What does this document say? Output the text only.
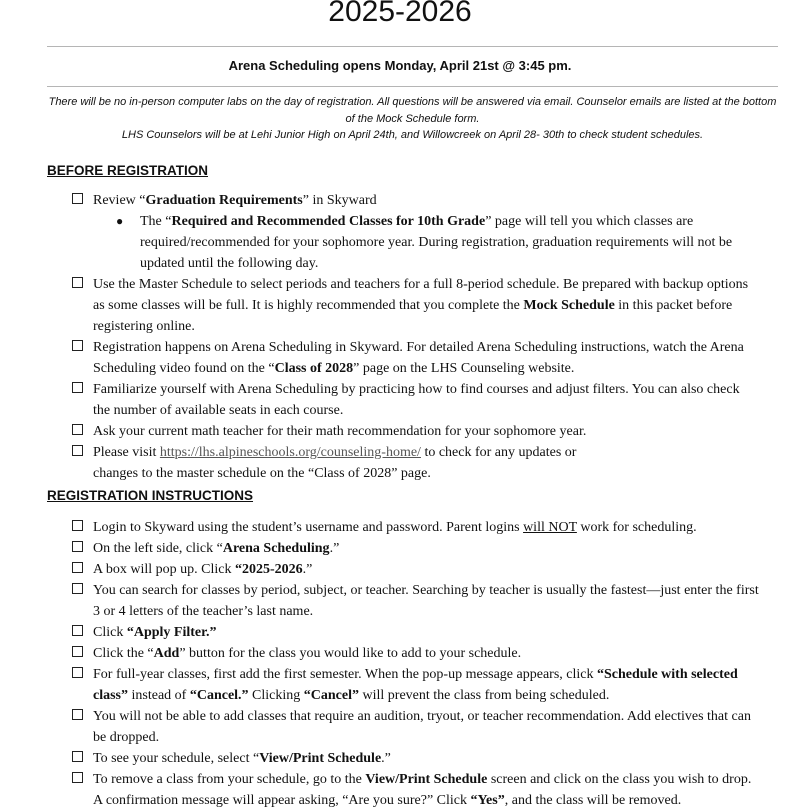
2025-2026
Arena Scheduling opens Monday, April 21st @ 3:45 pm.
There will be no in-person computer labs on the day of registration. All questions will be answered via email. Counselor emails are listed at the bottom of the Mock Schedule form.
LHS Counselors will be at Lehi Junior High on April 24th, and Willowcreek on April 28- 30th to check student schedules.
BEFORE REGISTRATION
Review “Graduation Requirements” in Skyward
● The “Required and Recommended Classes for 10th Grade” page will tell you which classes are required/recommended for your sophomore year. During registration, graduation requirements will not be updated until the following day.
Use the Master Schedule to select periods and teachers for a full 8-period schedule. Be prepared with backup options as some classes will be full. It is highly recommended that you complete the Mock Schedule in this packet before registering online.
Registration happens on Arena Scheduling in Skyward. For detailed Arena Scheduling instructions, watch the Arena Scheduling video found on the “Class of 2028” page on the LHS Counseling website.
Familiarize yourself with Arena Scheduling by practicing how to find courses and adjust filters. You can also check the number of available seats in each course.
Ask your current math teacher for their math recommendation for your sophomore year.
Please visit https://lhs.alpineschools.org/counseling-home/ to check for any updates or
changes to the master schedule on the “Class of 2028” page.
REGISTRATION INSTRUCTIONS
Login to Skyward using the student’s username and password. Parent logins will NOT work for scheduling.
On the left side, click “Arena Scheduling.”
A box will pop up. Click “2025-2026.”
You can search for classes by period, subject, or teacher. Searching by teacher is usually the fastest—just enter the first 3 or 4 letters of the teacher’s last name.
Click “Apply Filter.”
Click the “Add” button for the class you would like to add to your schedule.
For full-year classes, first add the first semester. When the pop-up message appears, click “Schedule with selected class” instead of “Cancel.” Clicking “Cancel” will prevent the class from being scheduled.
You will not be able to add classes that require an audition, tryout, or teacher recommendation. Add electives that can be dropped.
To see your schedule, select “View/Print Schedule.”
To remove a class from your schedule, go to the View/Print Schedule screen and click on the class you wish to drop. A confirmation message will appear asking, “Are you sure?” Click “Yes”, and the class will be removed.
